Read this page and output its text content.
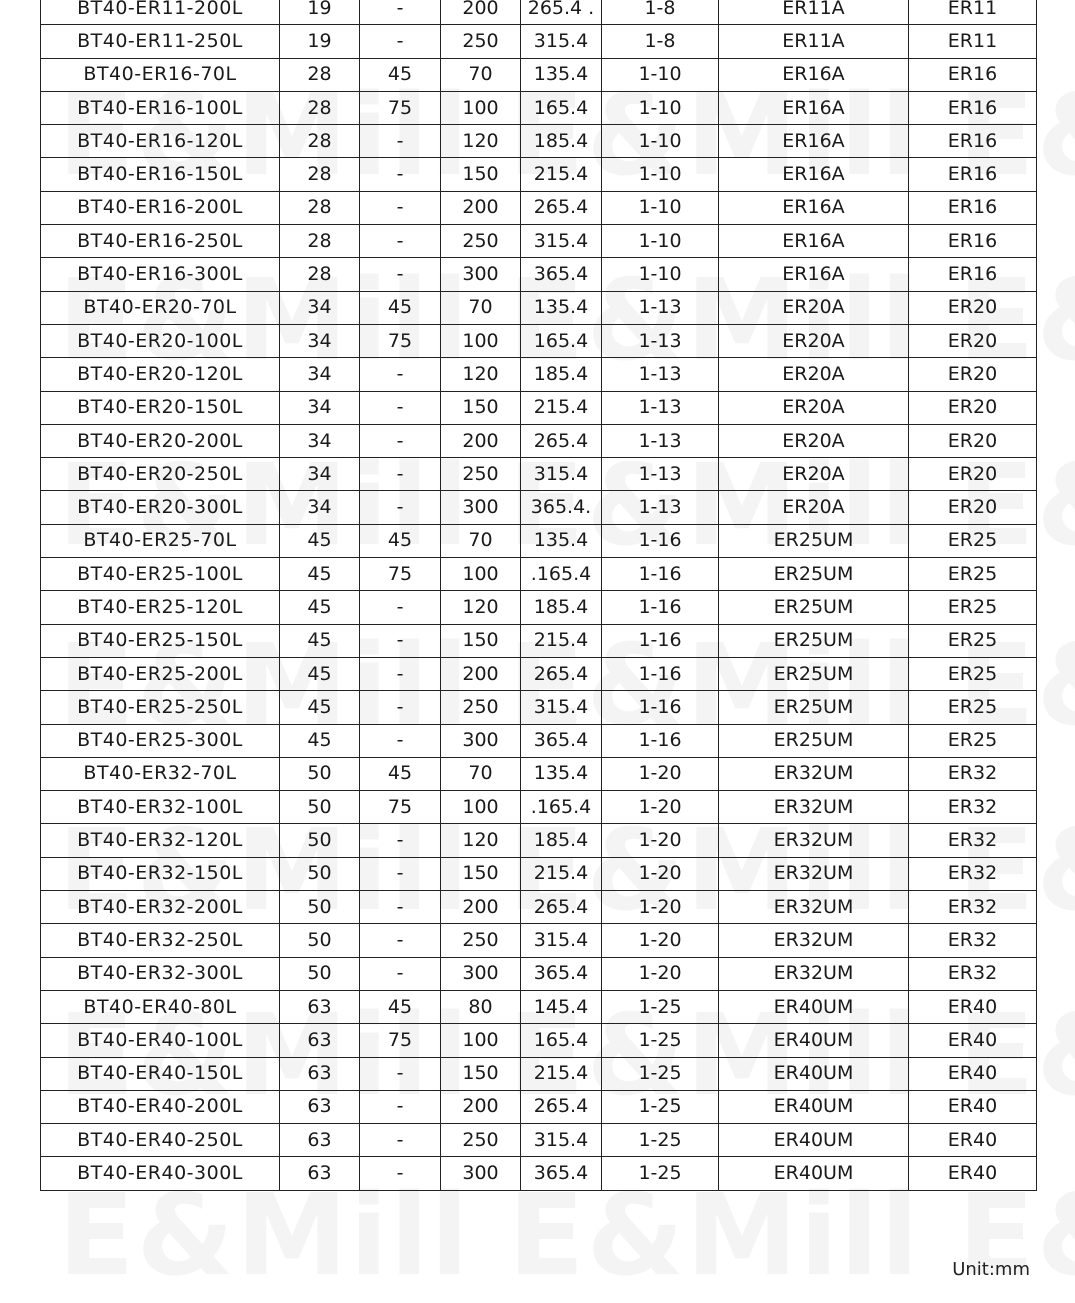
BT40-ER11-200L	19	-	200	265.4 .	1-8	ER11A	ER11
BT40-ER11-250L	19	-	250	315.4	1-8	ER11A	ER11
BT40-ER16-70L	28	45	70	135.4	1-10	ER16A	ER16
BT40-ER16-100L	28	75	100	165.4	1-10	ER16A	ER16
BT40-ER16-120L	28	-	120	185.4	1-10	ER16A	ER16
BT40-ER16-150L	28	-	150	215.4	1-10	ER16A	ER16
BT40-ER16-200L	28	-	200	265.4	1-10	ER16A	ER16
BT40-ER16-250L	28	-	250	315.4	1-10	ER16A	ER16
BT40-ER16-300L	28	-	300	365.4	1-10	ER16A	ER16
BT40-ER20-70L	34	45	70	135.4	1-13	ER20A	ER20
BT40-ER20-100L	34	75	100	165.4	1-13	ER20A	ER20
BT40-ER20-120L	34	-	120	185.4	1-13	ER20A	ER20
BT40-ER20-150L	34	-	150	215.4	1-13	ER20A	ER20
BT40-ER20-200L	34	-	200	265.4	1-13	ER20A	ER20
BT40-ER20-250L	34	-	250	315.4	1-13	ER20A	ER20
BT40-ER20-300L	34	-	300	365.4.	1-13	ER20A	ER20
BT40-ER25-70L	45	45	70	135.4	1-16	ER25UM	ER25
BT40-ER25-100L	45	75	100	.165.4	1-16	ER25UM	ER25
BT40-ER25-120L	45	-	120	185.4	1-16	ER25UM	ER25
BT40-ER25-150L	45	-	150	215.4	1-16	ER25UM	ER25
BT40-ER25-200L	45	-	200	265.4	1-16	ER25UM	ER25
BT40-ER25-250L	45	-	250	315.4	1-16	ER25UM	ER25
BT40-ER25-300L	45	-	300	365.4	1-16	ER25UM	ER25
BT40-ER32-70L	50	45	70	135.4	1-20	ER32UM	ER32
BT40-ER32-100L	50	75	100	.165.4	1-20	ER32UM	ER32
BT40-ER32-120L	50	-	120	185.4	1-20	ER32UM	ER32
BT40-ER32-150L	50	-	150	215.4	1-20	ER32UM	ER32
BT40-ER32-200L	50	-	200	265.4	1-20	ER32UM	ER32
BT40-ER32-250L	50	-	250	315.4	1-20	ER32UM	ER32
BT40-ER32-300L	50	-	300	365.4	1-20	ER32UM	ER32
BT40-ER40-80L	63	45	80	145.4	1-25	ER40UM	ER40
BT40-ER40-100L	63	75	100	165.4	1-25	ER40UM	ER40
BT40-ER40-150L	63	-	150	215.4	1-25	ER40UM	ER40
BT40-ER40-200L	63	-	200	265.4	1-25	ER40UM	ER40
BT40-ER40-250L	63	-	250	315.4	1-25	ER40UM	ER40
BT40-ER40-300L	63	-	300	365.4	1-25	ER40UM	ER40
Unit:mm
